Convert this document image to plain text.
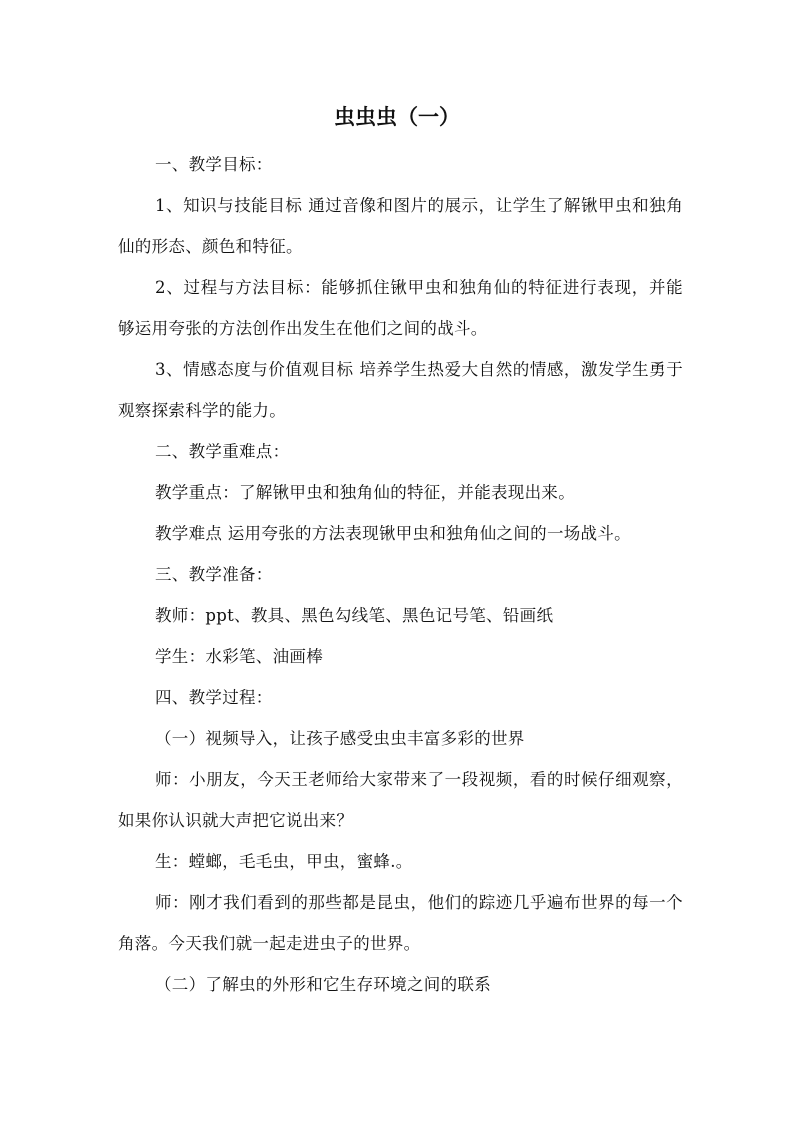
虫虫虫（一）

一、教学目标：

1、知识与技能目标 通过音像和图片的展示，让学生了解锹甲虫和独角仙的形态、颜色和特征。

2、过程与方法目标：能够抓住锹甲虫和独角仙的特征进行表现，并能够运用夸张的方法创作出发生在他们之间的战斗。

3、情感态度与价值观目标 培养学生热爱大自然的情感，激发学生勇于观察探索科学的能力。

二、教学重难点：

教学重点：了解锹甲虫和独角仙的特征，并能表现出来。

教学难点 运用夸张的方法表现锹甲虫和独角仙之间的一场战斗。

三、教学准备：

教师：ppt、教具、黑色勾线笔、黑色记号笔、铅画纸

学生：水彩笔、油画棒

四、教学过程：

（一）视频导入，让孩子感受虫虫丰富多彩的世界

师：小朋友，今天王老师给大家带来了一段视频，看的时候仔细观察，如果你认识就大声把它说出来？

生：螳螂，毛毛虫，甲虫，蜜蜂.。

师：刚才我们看到的那些都是昆虫，他们的踪迹几乎遍布世界的每一个角落。今天我们就一起走进虫子的世界。

（二）了解虫的外形和它生存环境之间的联系
